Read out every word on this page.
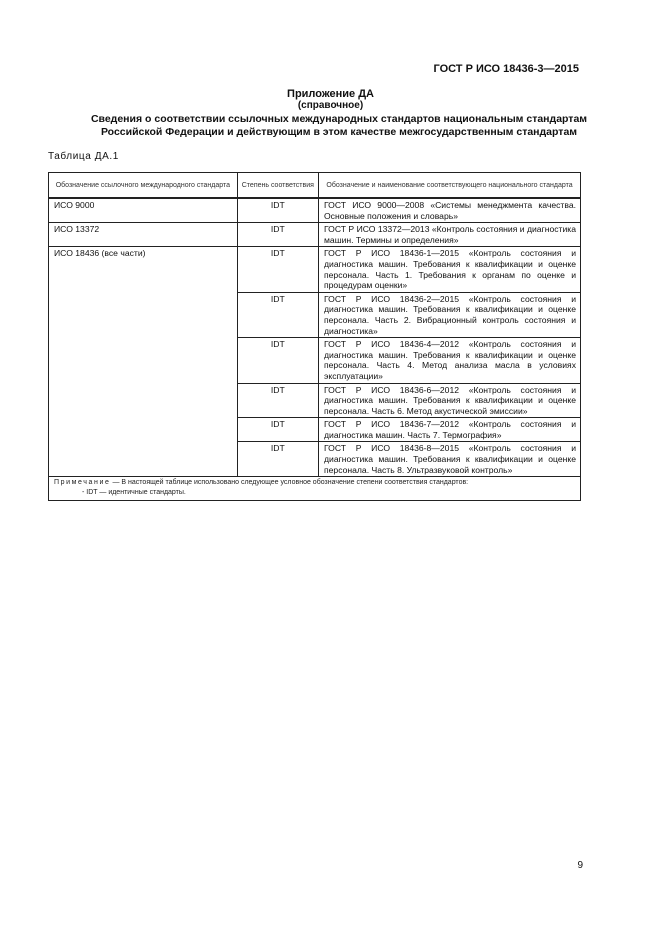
ГОСТ Р ИСО 18436-3—2015
Приложение ДА
(справочное)
Сведения о соответствии ссылочных международных стандартов национальным стандартам
Российской Федерации и действующим в этом качестве межгосударственным стандартам
Таблица ДА.1
Обозначение ссылочного международного стандарта	Степень соответствия	Обозначение и наименование соответствующего национального стандарта
ИСО 9000	IDT	ГОСТ ИСО 9000—2008 «Системы менеджмента качества. Основные положения и словарь»
ИСО 13372	IDT	ГОСТ Р ИСО 13372—2013 «Контроль состояния и диагностика машин. Термины и определения»
ИСО 18436 (все части)	IDT	ГОСТ Р ИСО 18436-1—2015 «Контроль состояния и диагностика машин. Требования к квалификации и оценке персонала. Часть 1. Требования к органам по оценке и процедурам оценки»
	IDT	ГОСТ Р ИСО 18436-2—2015 «Контроль состояния и диагностика машин. Требования к квалификации и оценке персонала. Часть 2. Вибрационный контроль состояния и диагностика»
	IDT	ГОСТ Р ИСО 18436-4—2012 «Контроль состояния и диагностика машин. Требования к квалификации и оценке персонала. Часть 4. Метод анализа масла в условиях эксплуатации»
	IDT	ГОСТ Р ИСО 18436-6—2012 «Контроль состояния и диагностика машин. Требования к квалификации и оценке персонала. Часть 6. Метод акустической эмиссии»
	IDT	ГОСТ Р ИСО 18436-7—2012 «Контроль состояния и диагностика машин. Часть 7. Термография»
	IDT	ГОСТ Р ИСО 18436-8—2015 «Контроль состояния и диагностика машин. Требования к квалификации и оценке персонала. Часть 8. Ультразвуковой контроль»

Примечание — В настоящей таблице использовано следующее условное обозначение степени соответствия стандартов:
- IDT — идентичные стандарты.		
9
